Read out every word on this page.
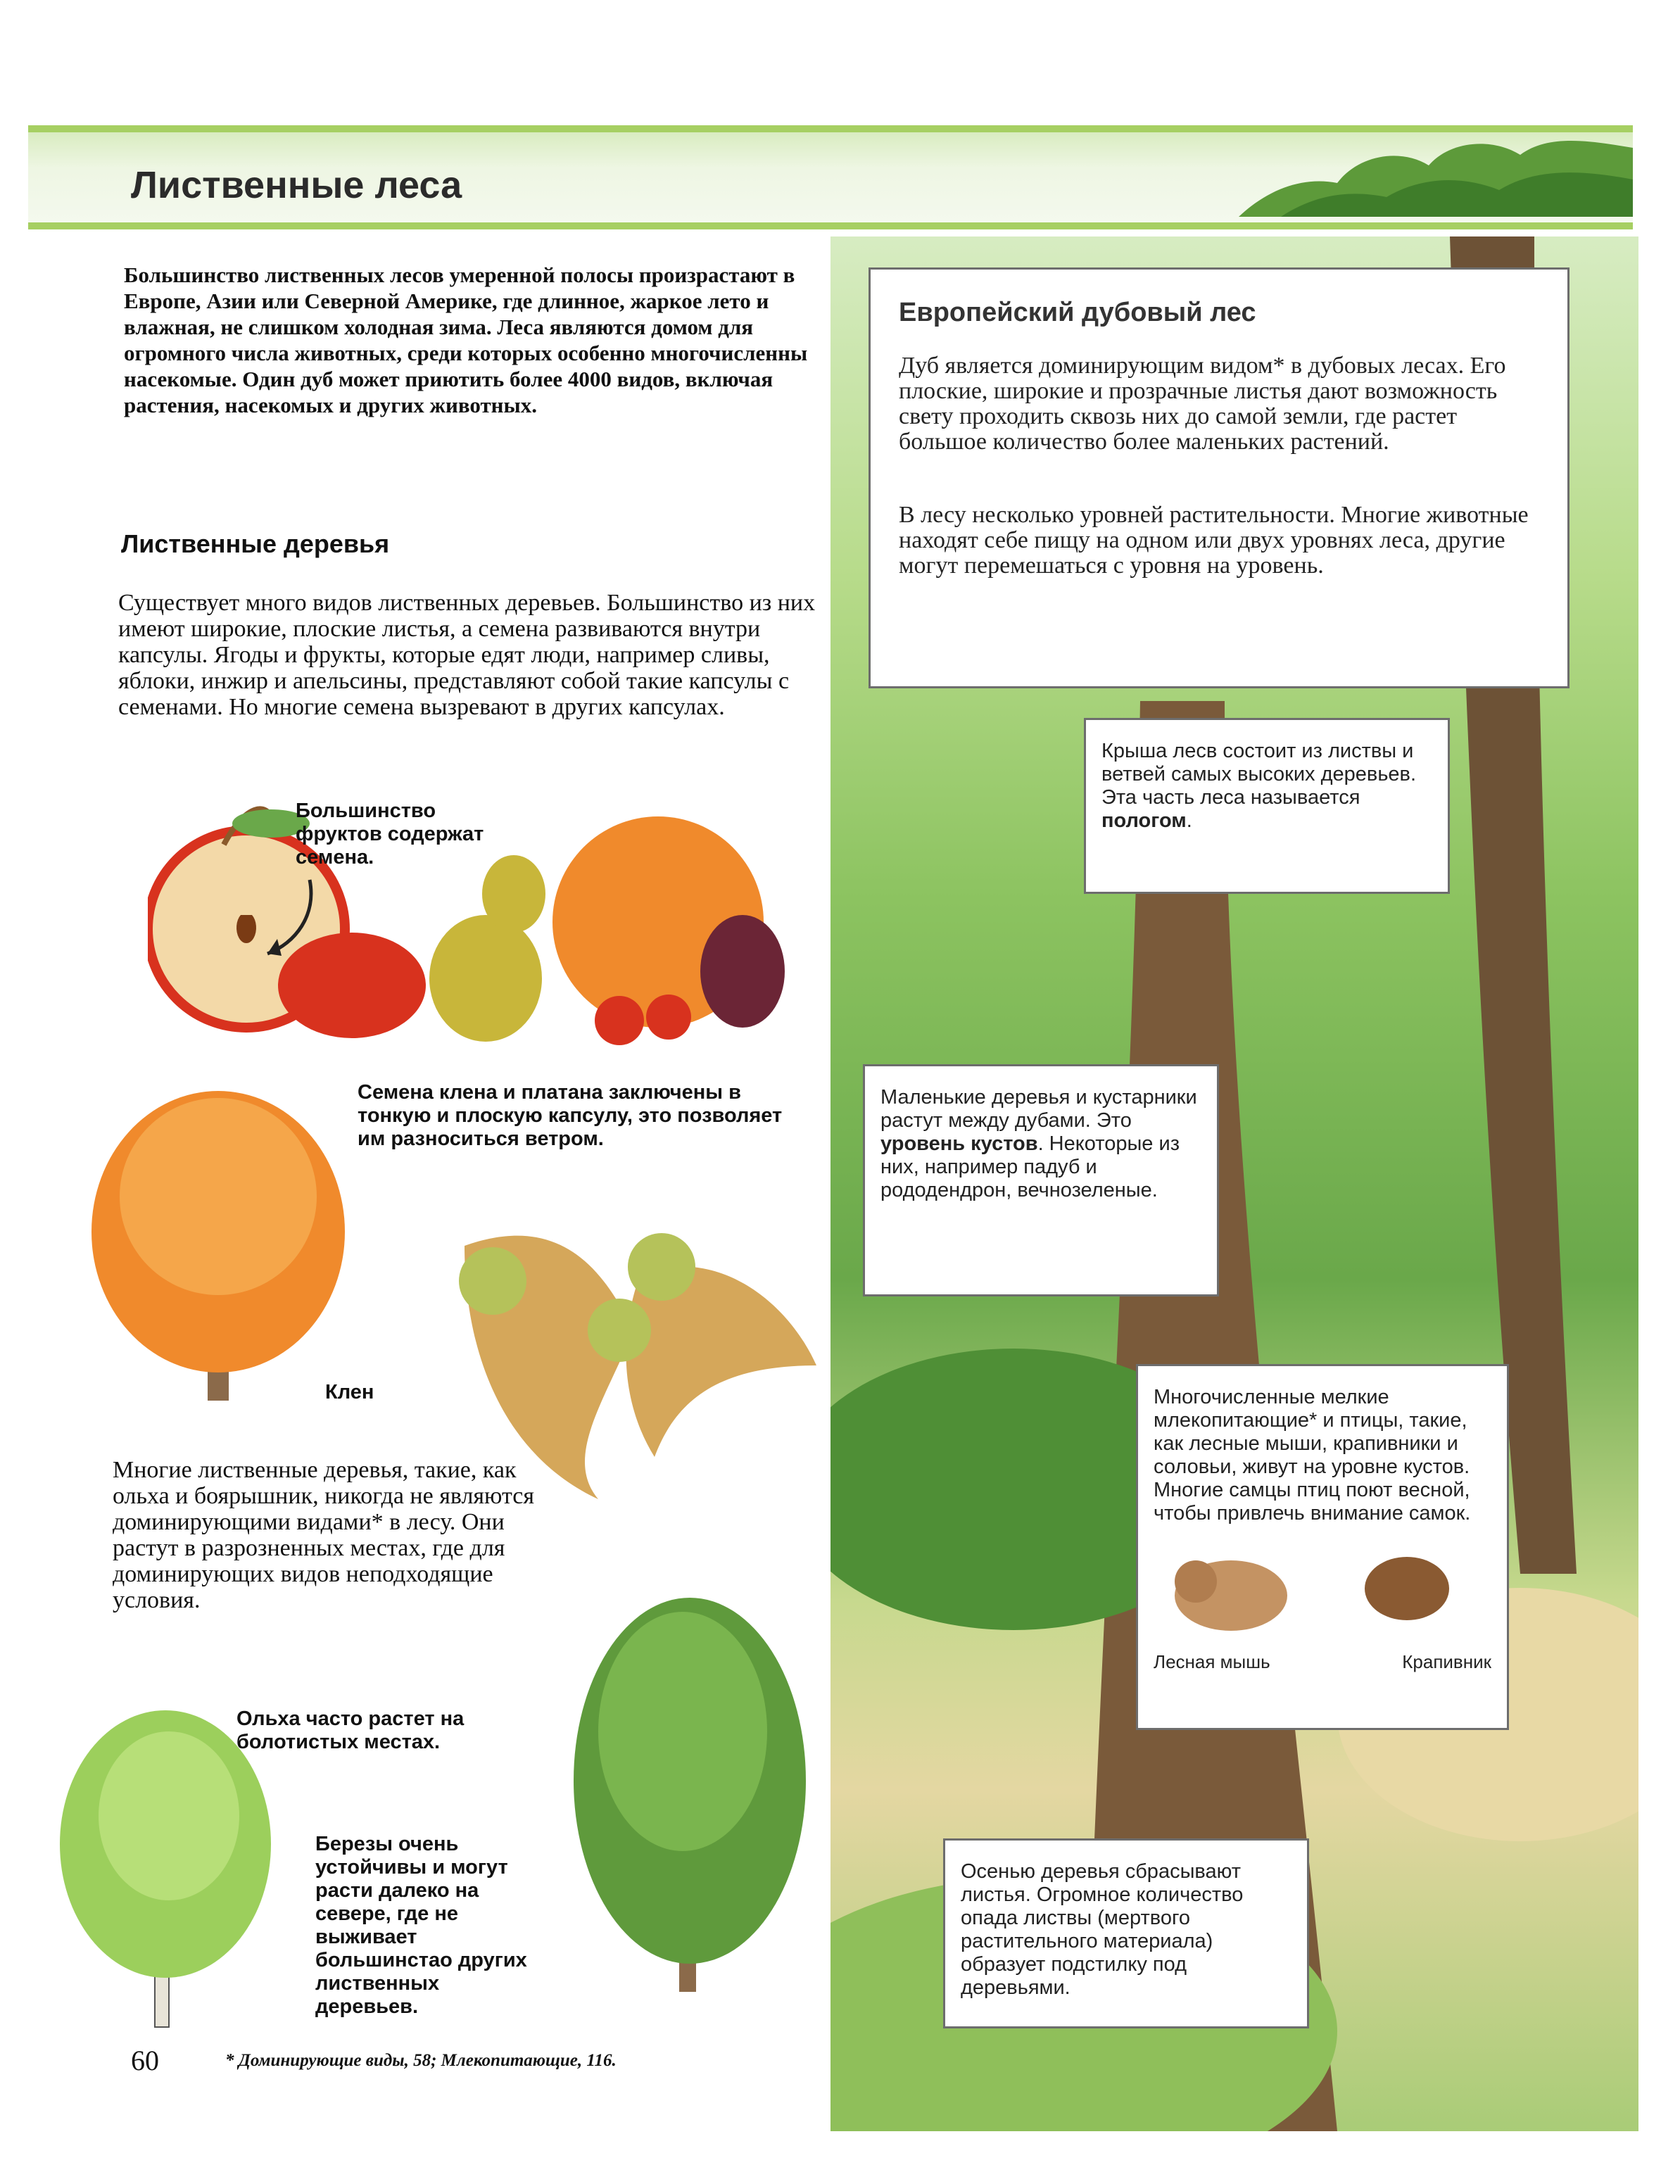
Лиственные леса
Большинство лиственных лесов умеренной полосы произрастают в Европе, Азии или Северной Америке, где длинное, жаркое лето и влажная, не слишком холодная зима. Леса являются домом для огромного числа животных, среди которых особенно многочисленны насекомые. Один дуб может приютить более 4000 видов, включая растения, насекомых и других животных.
Лиственные деревья
Существует много видов лиственных деревьев. Большинство из них имеют широкие, плоские листья, а семена развиваются внутри капсулы. Ягоды и фрукты, которые едят люди, например сливы, яблоки, инжир и апельсины, представляют собой такие капсулы с семенами. Но многие семена вызревают в других капсулах.
Большинство фруктов содержат семена.
Семена клена и платана заключены в тонкую и плоскую капсулу, это позволяет им разноситься ветром.
Клен
Многие лиственные деревья, такие, как ольха и боярышник, никогда не являются доминирующими видами* в лесу. Они растут в разрозненных местах, где для доминирующих видов неподходящие условия.
Ольха часто растет на болотистых местах.
Березы очень устойчивы и могут расти далеко на севере, где не выживает большинстао других лиственных деревьев.
60	* Доминирующие виды, 58; Млекопитающие, 116.
Европейский дубовый лес
Дуб является доминирующим видом* в дубовых лесах. Его плоские, широкие и прозрачные листья дают возможность свету проходить сквозь них до самой земли, где растет большое количество более маленьких растений.
В лесу несколько уровней растительности. Многие животные находят себе пищу на одном или двух уровнях леса, другие могут перемешаться с уровня на уровень.
Крыша лесв состоит из листвы и ветвей самых высоких деревьев. Эта часть леса называется пологом.
Маленькие деревья и кустарники растут между дубами. Это уровень кустов. Некоторые из них, например падуб и рододендрон, вечнозеленые.
Многочисленные мелкие млекопитающие* и птицы, такие, как лесные мыши, крапивники и соловьи, живут на уровне кустов. Многие самцы птиц поют весной, чтобы привлечь внимание самок.
Лесная мышь	Крапивник
Осенью деревья сбрасывают листья. Огромное количество опада листвы (мертвого растительного материала) образует подстилку под деревьями.
